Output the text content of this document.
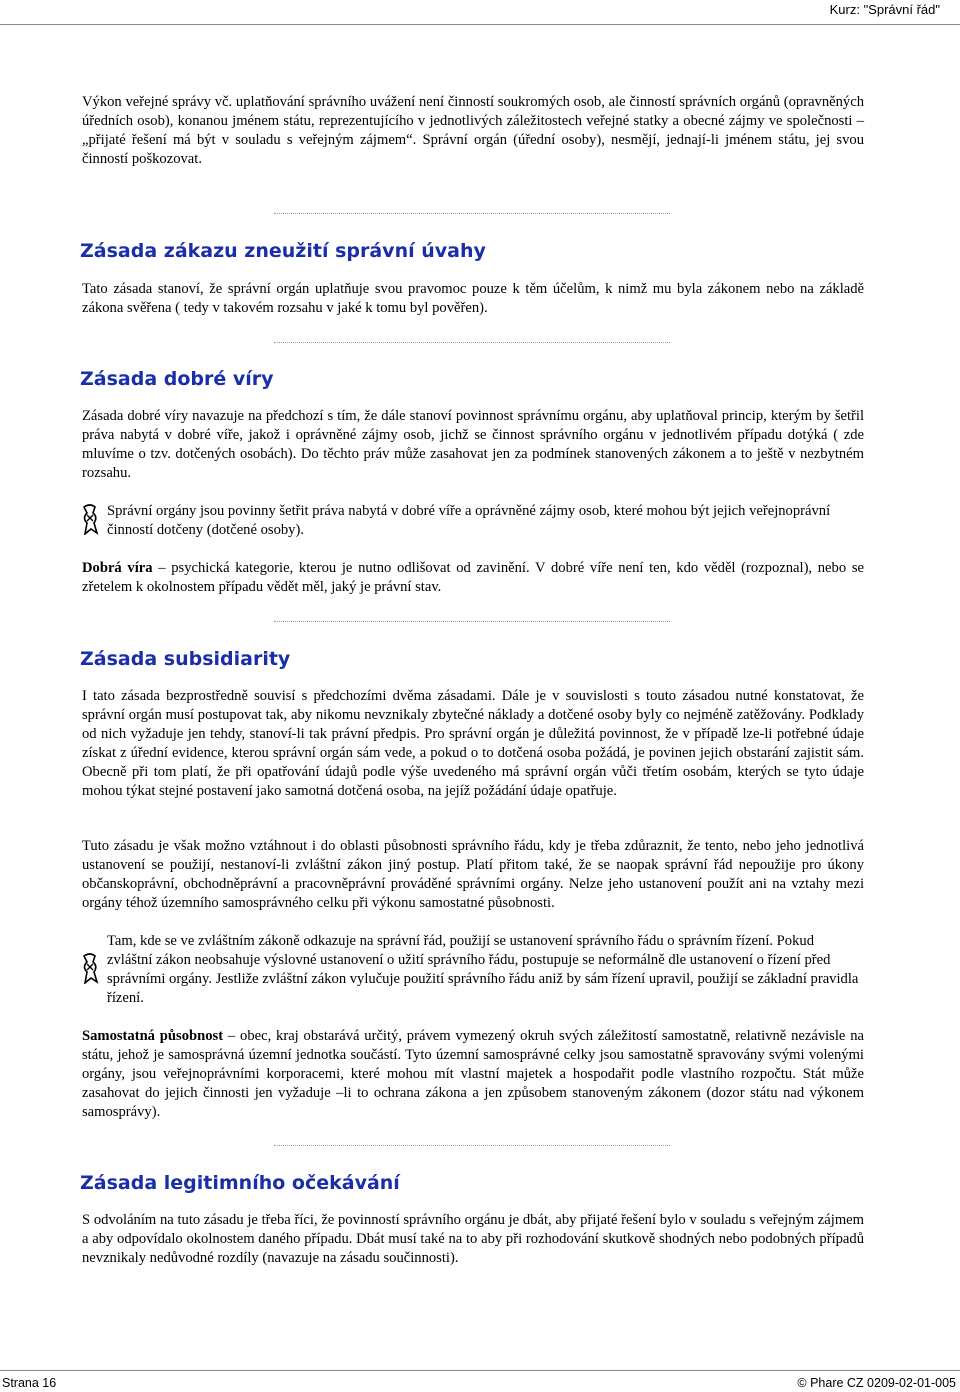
Kurz: "Správní řád"

Výkon veřejné správy vč. uplatňování správního uvážení není činností soukromých osob, ale činností správních orgánů (opravněných úředních osob), konanou jménem státu, reprezentujícího v jednotlivých záležitostech veřejné statky a obecné zájmy ve společnosti – „přijaté řešení má být v souladu s veřejným zájmem“. Správní orgán (úřední osoby), nesmějí, jednají-li jménem státu, jej svou činností poškozovat.

Zásada zákazu zneužití správní úvahy

Tato zásada stanoví, že správní orgán uplatňuje svou pravomoc pouze k těm účelům, k nimž mu byla zákonem nebo na základě zákona svěřena ( tedy v takovém rozsahu v jaké k tomu byl pověřen).

Zásada dobré víry

Zásada dobré víry navazuje na předchozí s tím, že dále stanoví povinnost správnímu orgánu, aby uplatňoval princip, kterým by šetřil práva nabytá v dobré víře, jakož i oprávněné zájmy osob, jichž se činnost správního orgánu v jednotlivém případu dotýká ( zde mluvíme o tzv. dotčených osobách). Do těchto práv může zasahovat jen za podmínek stanovených zákonem a to ještě v nezbytném rozsahu.

Správní orgány jsou povinny šetřit práva nabytá v dobré víře a oprávněné zájmy osob, které mohou být jejich veřejnoprávní činností dotčeny (dotčené osoby).

Dobrá víra – psychická kategorie, kterou je nutno odlišovat od zavinění. V dobré víře není ten, kdo věděl (rozpoznal), nebo se zřetelem k okolnostem případu vědět měl, jaký je právní stav.

Zásada subsidiarity

I tato zásada bezprostředně souvisí s předchozími dvěma zásadami. Dále je v souvislosti s touto zásadou nutné konstatovat, že správní orgán musí postupovat tak, aby nikomu nevznikaly zbytečné náklady a dotčené osoby byly co nejméně zatěžovány. Podklady od nich vyžaduje jen tehdy, stanoví-li tak právní předpis. Pro správní orgán je důležitá povinnost, že v případě lze-li potřebné údaje získat z úřední evidence, kterou správní orgán sám vede, a pokud o to dotčená osoba požádá, je povinen jejich obstarání zajistit sám. Obecně při tom platí, že při opatřování údajů podle výše uvedeného má správní orgán vůči třetím osobám, kterých se tyto údaje mohou týkat stejné postavení jako samotná dotčená osoba, na jejíž požádání údaje opatřuje.

Tuto zásadu je však možno vztáhnout i do oblasti působnosti správního řádu, kdy je třeba zdůraznit, že tento, nebo jeho jednotlivá ustanovení se použijí, nestanoví-li zvláštní zákon jiný postup. Platí přitom také, že se naopak správní řád nepoužije pro úkony občanskoprávní, obchodněprávní a pracovněprávní prováděné správními orgány. Nelze jeho ustanovení použít ani na vztahy mezi orgány téhož územního samosprávného celku při výkonu samostatné působnosti.

Tam, kde se ve zvláštním zákoně odkazuje na správní řád, použijí se ustanovení správního řádu o správním řízení. Pokud zvláštní zákon neobsahuje výslovné ustanovení o užití správního řádu, postupuje se neformálně dle ustanovení o řízení před správními orgány. Jestliže zvláštní zákon vylučuje použití správního řádu aniž by sám řízení upravil, použijí se základní pravidla řízení.

Samostatná působnost – obec, kraj obstarává určitý, právem vymezený okruh svých záležitostí samostatně, relativně nezávisle na státu, jehož je samosprávná územní jednotka součástí. Tyto územní samosprávné celky jsou samostatně spravovány svými volenými orgány, jsou veřejnoprávními korporacemi, které mohou mít vlastní majetek a hospodařit podle vlastního rozpočtu. Stát může zasahovat do jejich činnosti jen vyžaduje –li to ochrana zákona a jen způsobem stanoveným zákonem (dozor státu nad výkonem samosprávy).

Zásada legitimního očekávání

S odvoláním na tuto zásadu je třeba říci, že povinností správního orgánu je dbát, aby přijaté řešení bylo v souladu s veřejným zájmem a aby odpovídalo okolnostem daného případu. Dbát musí také na to aby při rozhodování skutkově shodných nebo podobných případů nevznikaly nedůvodné rozdíly (navazuje na zásadu součinnosti).

Strana 16	© Phare CZ 0209-02-01-005
